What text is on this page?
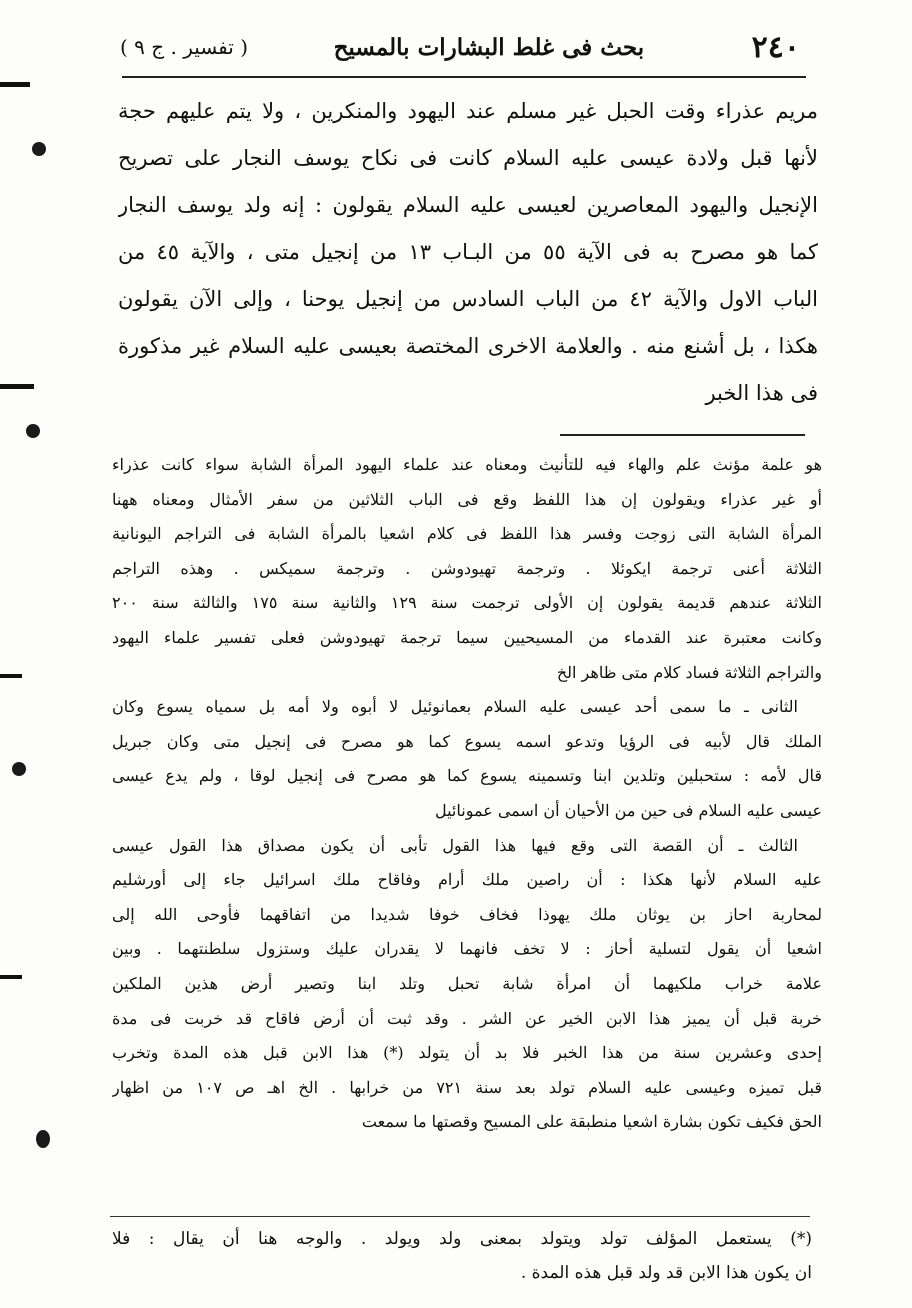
٢٤٠
بحث فى غلط البشارات بالمسيح
( تفسير . ج ٩ )
مريم عذراء وقت الحبل غير مسلم عند اليهود والمنكرين ، ولا يتم عليهم حجة
لأنها قبل ولادة عيسى عليه السلام كانت فى نكاح يوسف النجار على تصريح
الإنجيل واليهود المعاصرين لعيسى عليه السلام يقولون : إنه ولد يوسف النجار
كما هو مصرح به فى الآية ٥٥ من البـاب ١٣ من إنجيل متى ، والآية ٤٥ من
الباب الاول والآية ٤٢ من الباب السادس من إنجيل يوحنا ، وإلى الآن يقولون
هكذا ، بل أشنع منه . والعلامة الاخرى المختصة بعيسى عليه السلام غير مذكورة
فى هذا الخبر
هو علمة مؤنث علم والهاء فيه للتأنيث ومعناه عند علماء اليهود المرأة الشابة سواء كانت عذراء
أو غير عذراء ويقولون إن هذا اللفظ وقع فى الباب الثلاثين من سفر الأمثال ومعناه ههنا
المرأة الشابة التى زوجت وفسر هذا اللفظ فى كلام اشعيا بالمرأة الشابة فى التراجم اليونانية
الثلاثة أعنى ترجمة ايكوئلا . وترجمة تهيودوشن . وترجمة سميكس . وهذه التراجم
الثلاثة عندهم قديمة يقولون إن الأولى ترجمت سنة ١٢٩ والثانية سنة ١٧٥ والثالثة سنة ٢٠٠
وكانت معتبرة عند القدماء من المسيحيين سيما ترجمة تهيودوشن فعلى تفسير علماء اليهود
والتراجم الثلاثة فساد كلام متى ظاهر الخ
الثانى ـ ما سمى أحد عيسى عليه السلام بعمانوئيل لا أبوه ولا أمه بل سمياه يسوع وكان
الملك قال لأبيه فى الرؤيا وتدعو اسمه يسوع كما هو مصرح فى إنجيل متى وكان جبريل
قال لأمه : ستحبلين وتلدين ابنا وتسمينه يسوع كما هو مصرح فى إنجيل لوقا ، ولم يدع عيسى
عيسى عليه السلام فى حين من الأحيان أن اسمى عمونائيل
الثالث ـ أن القصة التى وقع فيها هذا القول تأبى أن يكون مصداق هذا القول عيسى
عليه السلام لأنها هكذا : أن راصين ملك أرام وفاقاح ملك اسرائيل جاء إلى أورشليم
لمحاربة احاز بن يوثان ملك يهوذا فخاف خوفا شديدا من اتفاقهما فأوحى الله إلى
اشعيا أن يقول لتسلية أحاز : لا تخف فانهما لا يقدران عليك وستزول سلطنتهما . وبين
علامة خراب ملكيهما أن امرأة شابة تحبل وتلد ابنا وتصير أرض هذين الملكين
خربة قبل أن يميز هذا الابن الخير عن الشر . وقد ثبت أن أرض فاقاح قد خربت فى مدة
إحدى وعشرين سنة من هذا الخبر فلا بد أن يتولد (*) هذا الابن قبل هذه المدة وتخرب
قبل تميزه وعيسى عليه السلام تولد بعد سنة ٧٢١ من خرابها . الخ اهـ ص ١٠٧ من اظهار
الحق فكيف تكون بشارة اشعيا منطبقة على المسيح وقصتها ما سمعت
(*) يستعمل المؤلف تولد ويتولد بمعنى ولد ويولد . والوجه هنا أن يقال : فلا
ان يكون هذا الابن قد ولد قبل هذه المدة .
